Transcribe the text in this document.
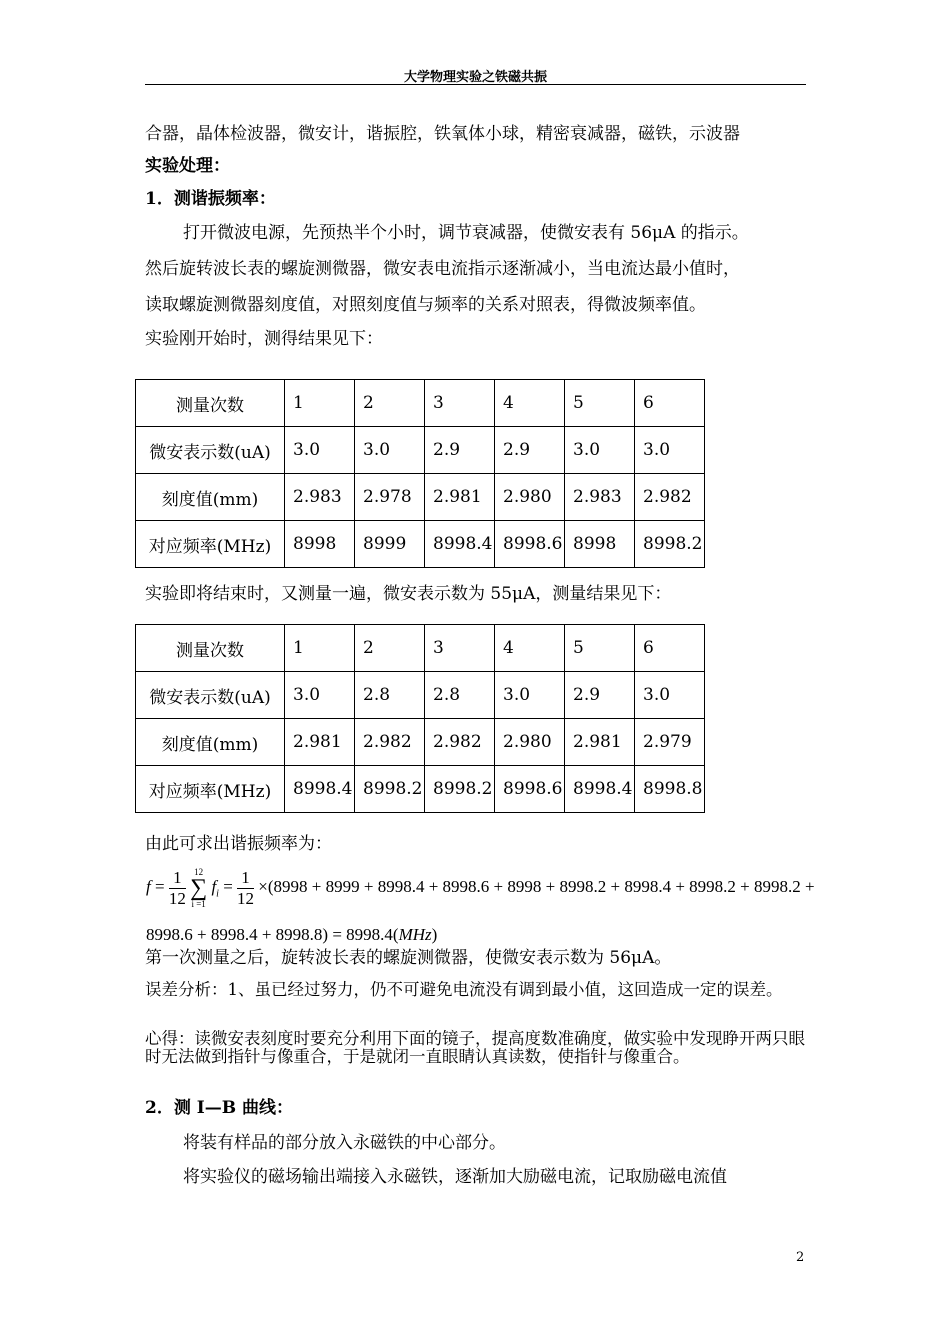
大学物理实验之铁磁共振
合器，晶体检波器，微安计，谐振腔，铁氧体小球，精密衰减器，磁铁，示波器
实验处理：
1．测谐振频率：
打开微波电源，先预热半个小时，调节衰减器，使微安表有 56μA 的指示。
然后旋转波长表的螺旋测微器，微安表电流指示逐渐减小，当电流达最小值时，
读取螺旋测微器刻度值，对照刻度值与频率的关系对照表，得微波频率值。
实验刚开始时，测得结果见下：
测量次数	1	2	3	4	5	6
微安表示数(uA)	3.0	3.0	2.9	2.9	3.0	3.0
刻度值(mm)	2.983	2.978	2.981	2.980	2.983	2.982
对应频率(MHz)	8998	8999	8998.4	8998.6	8998	8998.2
实验即将结束时，又测量一遍，微安表示数为 55μA，测量结果见下：
测量次数	1	2	3	4	5	6
微安表示数(uA)	3.0	2.8	2.8	3.0	2.9	3.0
刻度值(mm)	2.981	2.982	2.982	2.980	2.981	2.979
对应频率(MHz)	8998.4	8998.2	8998.2	8998.6	8998.4	8998.8
由此可求出谐振频率为：
$f = \frac{1}{12} 12$
∑
i =1 $f_i = \frac{1}{12} \times(8998 + 8999 + 8998.4 + 8998.6 + 8998 + 8998.2 + 8998.4 + 8998.2 + 8998.2$ +
8998.6 + 8998.4 + 8998.8) = 8998.4(MHz)
第一次测量之后，旋转波长表的螺旋测微器，使微安表示数为 56μA。
误差分析：1、虽已经过努力，仍不可避免电流没有调到最小值，这回造成一定的误差。
心得：读微安表刻度时要充分利用下面的镜子，提高度数准确度，做实验中发现睁开两只眼时无法做到指针与像重合，于是就闭一直眼睛认真读数，使指针与像重合。
2．测 I—B 曲线：
将装有样品的部分放入永磁铁的中心部分。
将实验仪的磁场输出端接入永磁铁，逐渐加大励磁电流，记取励磁电流值
2
